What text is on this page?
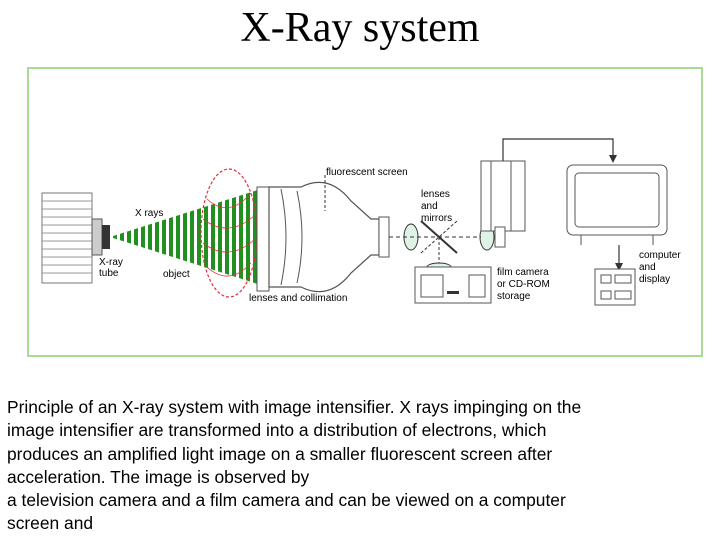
X-Ray system
fluorescent screen
lenses
and
mirrors
X rays
X-ray
tube	object
lenses and collimation
film camera
or CD-ROM
storage
computer
and
display
Principle of an X-ray system with image intensifier. X rays impinging on the
image intensifier are transformed into a distribution of electrons, which
produces an amplified light image on a smaller fluorescent screen after
acceleration. The image is observed by
a television camera and a film camera and can be viewed on a computer
screen and
